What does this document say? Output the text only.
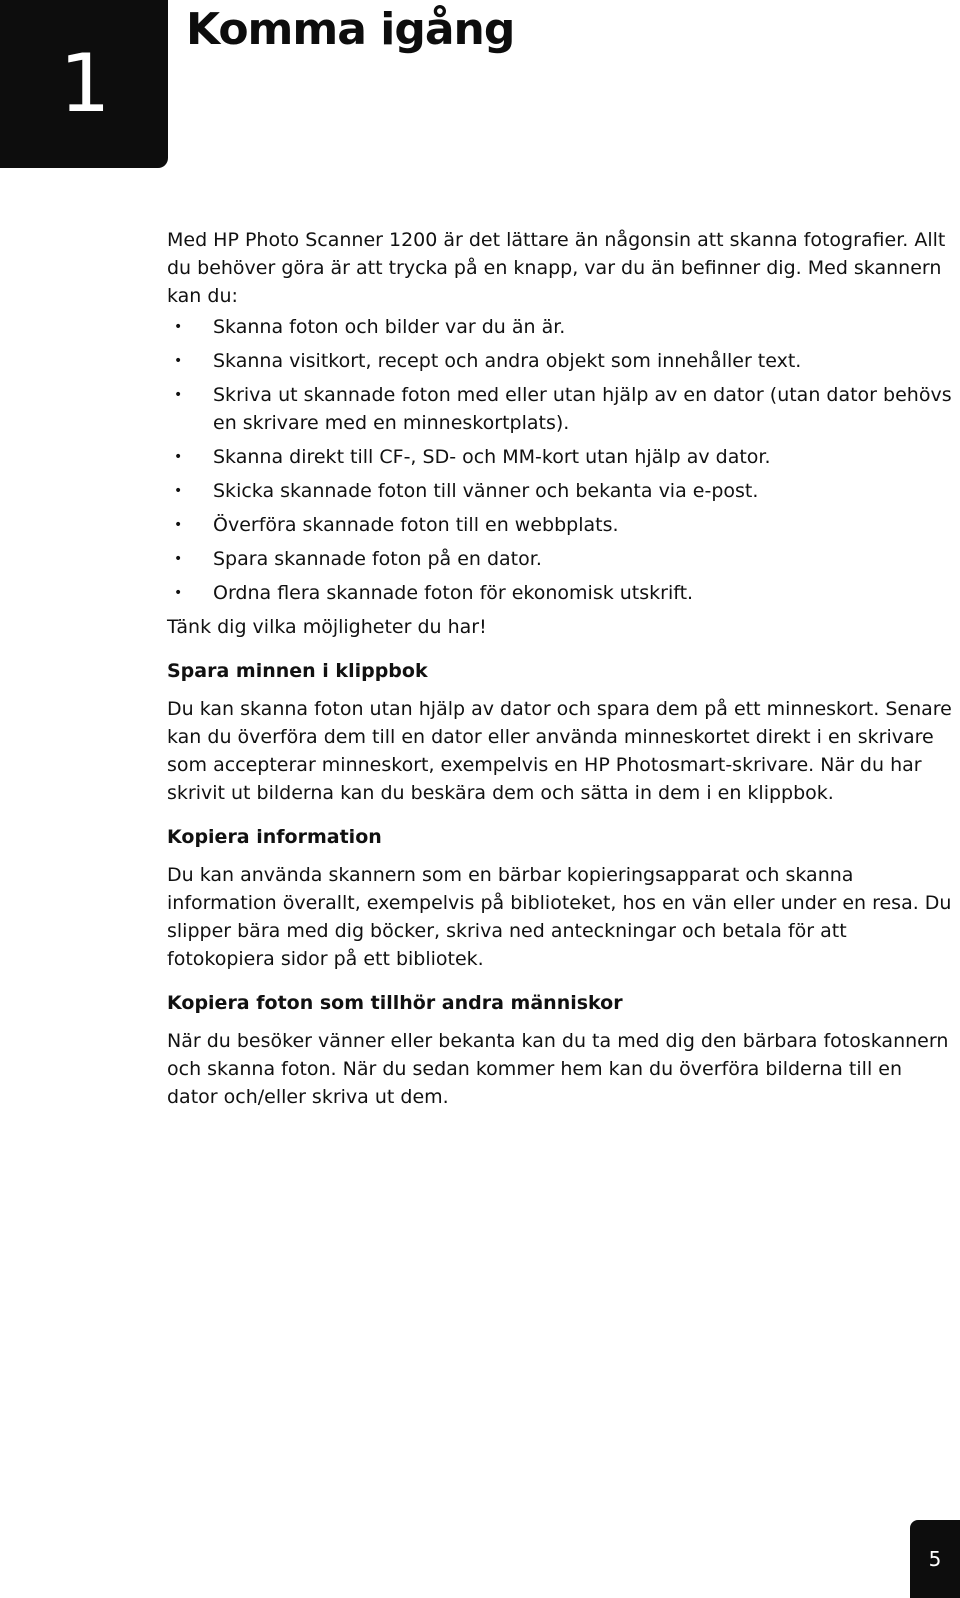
1
Komma igång

Med HP Photo Scanner 1200 är det lättare än någonsin att skanna fotografier. Allt du behöver göra är att trycka på en knapp, var du än befinner dig. Med skannern kan du:

• Skanna foton och bilder var du än är.
• Skanna visitkort, recept och andra objekt som innehåller text.
• Skriva ut skannade foton med eller utan hjälp av en dator (utan dator behövs en skrivare med en minneskortplats).
• Skanna direkt till CF-, SD- och MM-kort utan hjälp av dator.
• Skicka skannade foton till vänner och bekanta via e-post.
• Överföra skannade foton till en webbplats.
• Spara skannade foton på en dator.
• Ordna flera skannade foton för ekonomisk utskrift.

Tänk dig vilka möjligheter du har!

Spara minnen i klippbok

Du kan skanna foton utan hjälp av dator och spara dem på ett minneskort. Senare kan du överföra dem till en dator eller använda minneskortet direkt i en skrivare som accepterar minneskort, exempelvis en HP Photosmart-skrivare. När du har skrivit ut bilderna kan du beskära dem och sätta in dem i en klippbok.

Kopiera information

Du kan använda skannern som en bärbar kopieringsapparat och skanna information överallt, exempelvis på biblioteket, hos en vän eller under en resa. Du slipper bära med dig böcker, skriva ned anteckningar och betala för att fotokopiera sidor på ett bibliotek.

Kopiera foton som tillhör andra människor

När du besöker vänner eller bekanta kan du ta med dig den bärbara fotoskannern och skanna foton. När du sedan kommer hem kan du överföra bilderna till en dator och/eller skriva ut dem.

5
